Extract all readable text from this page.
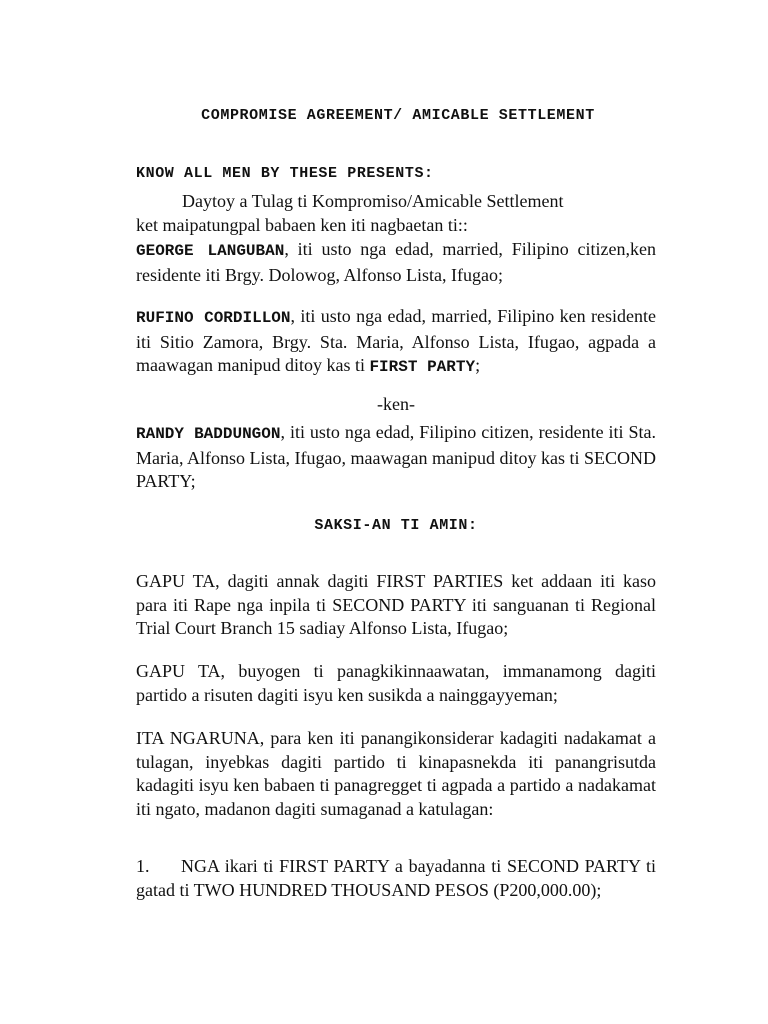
COMPROMISE AGREEMENT/ AMICABLE SETTLEMENT
KNOW ALL MEN BY THESE PRESENTS:
Daytoy a Tulag ti Kompromiso/Amicable Settlement
ket maipatungpal babaen ken iti nagbaetan ti::

GEORGE LANGUBAN, iti usto nga edad, married, Filipino citizen,ken residente iti Brgy. Dolowog, Alfonso Lista, Ifugao;

RUFINO CORDILLON, iti usto nga edad, married, Filipino ken residente iti Sitio Zamora, Brgy. Sta. Maria, Alfonso Lista, Ifugao, agpada a maawagan manipud ditoy kas ti FIRST PARTY;

-ken-

RANDY BADDUNGON, iti usto nga edad, Filipino citizen, residente iti Sta. Maria, Alfonso Lista, Ifugao, maawagan manipud ditoy kas ti SECOND PARTY;

SAKSI-AN TI AMIN:

GAPU TA, dagiti annak dagiti FIRST PARTIES ket addaan iti kaso para iti Rape nga inpila ti SECOND PARTY iti sanguanan ti Regional Trial Court Branch 15 sadiay Alfonso Lista, Ifugao;

GAPU TA, buyogen ti panagkikinnaawatan, immanamong dagiti partido a risuten dagiti isyu ken susikda a nainggayyeman;

ITA NGARUNA, para ken iti panangikonsiderar kadagiti nadakamat a tulagan, inyebkas dagiti partido ti kinapasnekda iti panangrisutda kadagiti isyu ken babaen ti panagregget ti agpada a partido a nadakamat iti ngato, madanon dagiti sumaganad a katulagan:

1. NGA ikari ti FIRST PARTY a bayadanna ti SECOND PARTY ti gatad ti TWO HUNDRED THOUSAND PESOS (P200,000.00);
